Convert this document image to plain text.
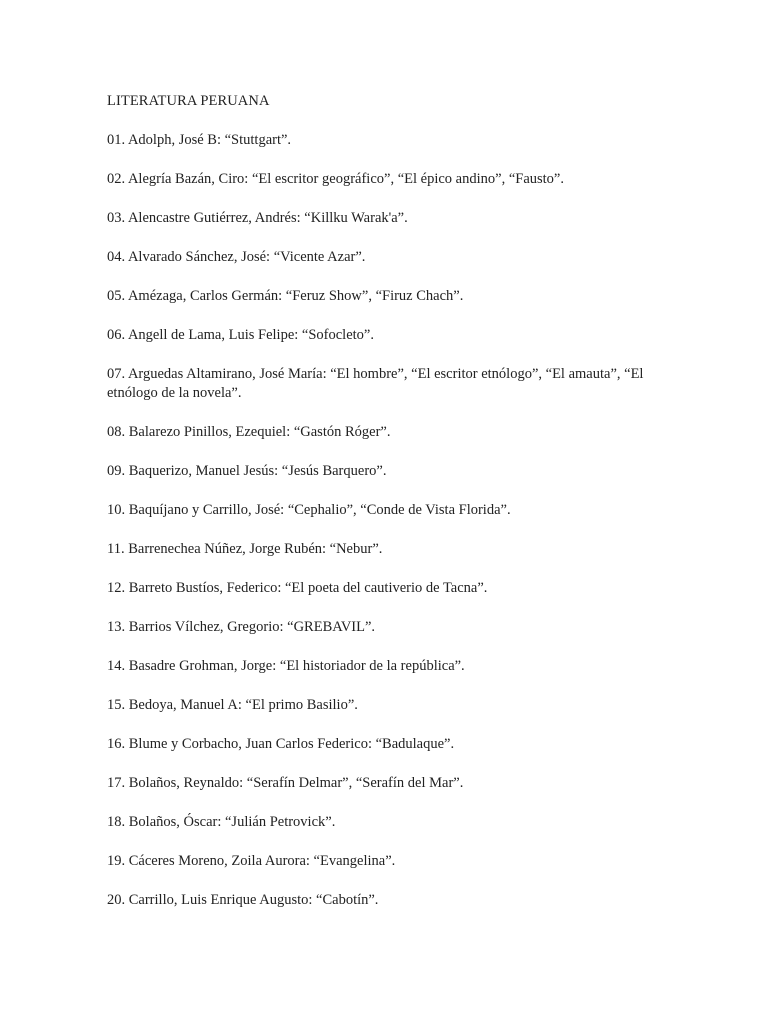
LITERATURA PERUANA

01. Adolph, José B: “Stuttgart”.

02. Alegría Bazán, Ciro: “El escritor geográfico”, “El épico andino”, “Fausto”.

03. Alencastre Gutiérrez, Andrés: “Killku Warak'a”.

04. Alvarado Sánchez, José: “Vicente Azar”.

05. Amézaga, Carlos Germán: “Feruz Show”, “Firuz Chach”.

06. Angell de Lama, Luis Felipe: “Sofocleto”.

07. Arguedas Altamirano, José María: “El hombre”, “El escritor etnólogo”, “El amauta”, “El etnólogo de la novela”.

08. Balarezo Pinillos, Ezequiel: “Gastón Róger”.

09. Baquerizo, Manuel Jesús: “Jesús Barquero”.

10. Baquíjano y Carrillo, José: “Cephalio”, “Conde de Vista Florida”.

11. Barrenechea Núñez, Jorge Rubén: “Nebur”.

12. Barreto Bustíos, Federico: “El poeta del cautiverio de Tacna”.

13. Barrios Vílchez, Gregorio: “GREBAVIL”.

14. Basadre Grohman, Jorge: “El historiador de la república”.

15. Bedoya, Manuel A: “El primo Basilio”.

16. Blume y Corbacho, Juan Carlos Federico: “Badulaque”.

17. Bolaños, Reynaldo: “Serafín Delmar”, “Serafín del Mar”.

18. Bolaños, Óscar: “Julián Petrovick”.

19. Cáceres Moreno, Zoila Aurora: “Evangelina”.

20. Carrillo, Luis Enrique Augusto: “Cabotín”.
